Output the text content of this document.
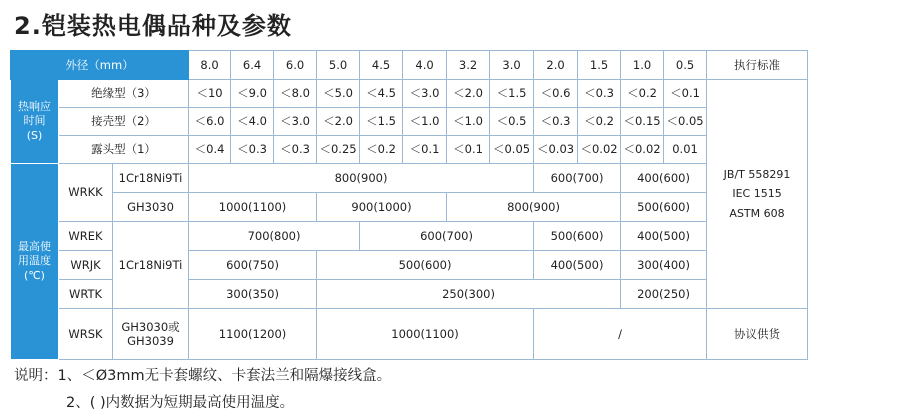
2.铠装热电偶品种及参数
外径（mm）			8.0	6.4	6.0	5.0	4.5	4.0	3.2	3.0	2.0	1.5	1.0	0.5	执行标准
热响应
时间
(S)	绝缘型（3）		＜10	＜9.0	＜8.0	＜5.0	＜4.5	＜3.0	＜2.0	＜1.5	＜0.6	＜0.3	＜0.2	＜0.1	JB/T 558291
IEC 1515
ASTM 608
	接壳型（2）		＜6.0	＜4.0	＜3.0	＜2.0	＜1.5	＜1.0	＜1.0	＜0.5	＜0.3	＜0.2	＜0.15	＜0.05	
	露头型（1）		＜0.4	＜0.3	＜0.3	＜0.25	＜0.2	＜0.1	＜0.1	＜0.05	＜0.03	＜0.02	＜0.02	0.01	
最高使
用温度
(℃)	WRKK	1Cr18Ni9Ti	800(900)								600(700)		400(600)		
		GH3030	1000(1100)			900(1000)			800(900)				500(600)		
	WREK	1Cr18Ni9Ti	700(800)				600(700)				500(600)		400(500)		
	WRJK		600(750)			500(600)					400(500)		300(400)		
	WRTK		300(350)			250(300)							200(250)		
	WRSK	GH3030或
GH3039	1100(1200)			1000(1100)					/				协议供货
说明：1、＜Ø3mm无卡套螺纹、卡套法兰和隔爆接线盒。
2、( )内数据为短期最高使用温度。
